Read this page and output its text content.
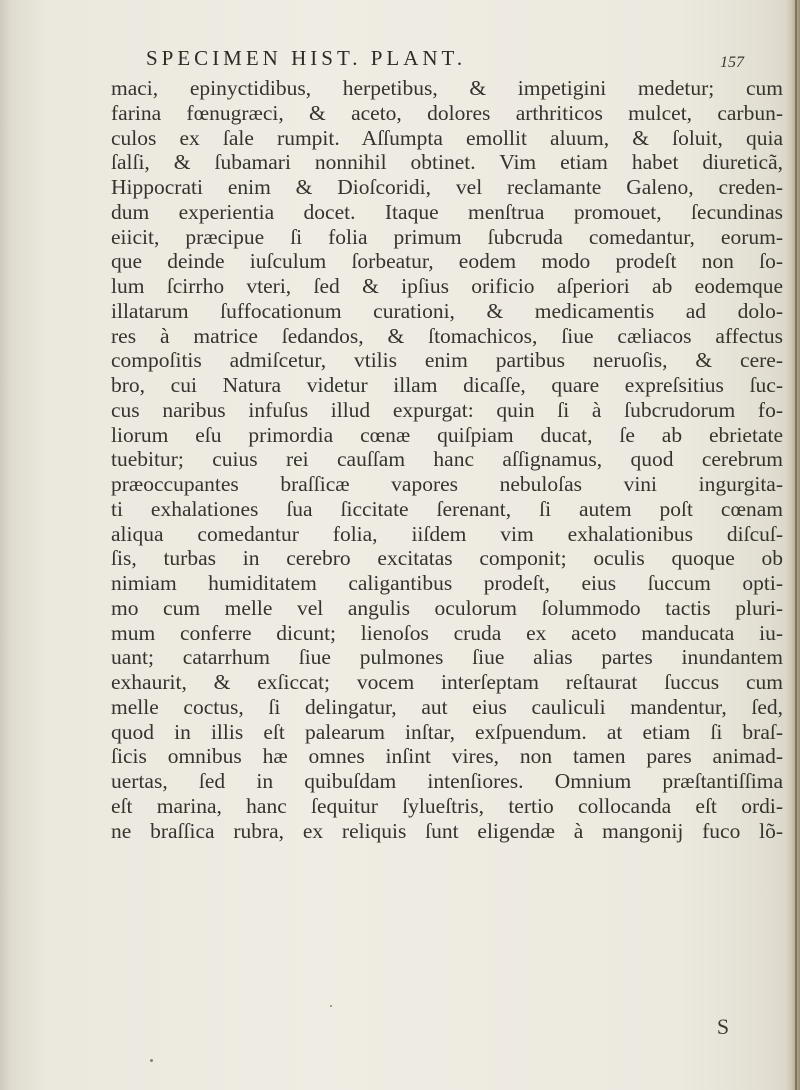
SPECIMEN HIST. PLANT.	157
maci, epinyctidibus, herpetibus, & impetigini medetur; cum
farina fœnugræci, & aceto, dolores arthriticos mulcet, carbun-
culos ex ſale rumpit. Aſſumpta emollit aluum, & ſoluit, quia
ſalſi, & ſubamari nonnihil obtinet. Vim etiam habet diureticã,
Hippocrati enim & Dioſcoridi, vel reclamante Galeno, creden-
dum experientia docet. Itaque menſtrua promouet, ſecundinas
eiicit, præcipue ſi folia primum ſubcruda comedantur, eorum-
que deinde iuſculum ſorbeatur, eodem modo prodeſt non ſo-
lum ſcirrho vteri, ſed & ipſius orificio aſperiori ab eodemque
illatarum ſuffocationum curationi, & medicamentis ad dolo-
res à matrice ſedandos, & ſtomachicos, ſiue cæliacos affectus
compoſitis admiſcetur, vtilis enim partibus neruoſis, & cere-
bro, cui Natura videtur illam dicaſſe, quare expreſsitius ſuc-
cus naribus infuſus illud expurgat: quin ſi à ſubcrudorum fo-
liorum eſu primordia cœnæ quiſpiam ducat, ſe ab ebrietate
tuebitur; cuius rei cauſſam hanc aſſignamus, quod cerebrum
præoccupantes braſſicæ vapores nebuloſas vini ingurgita-
ti exhalationes ſua ſiccitate ſerenant, ſi autem poſt cœnam
aliqua comedantur folia, iiſdem vim exhalationibus diſcuſ-
ſis, turbas in cerebro excitatas componit; oculis quoque ob
nimiam humiditatem caligantibus prodeſt, eius ſuccum opti-
mo cum melle vel angulis oculorum ſolummodo tactis pluri-
mum conferre dicunt; lienoſos cruda ex aceto manducata iu-
uant; catarrhum ſiue pulmones ſiue alias partes inundantem
exhaurit, & exſiccat; vocem interſeptam reſtaurat ſuccus cum
melle coctus, ſi delingatur, aut eius cauliculi mandentur, ſed,
quod in illis eſt palearum inſtar, exſpuendum. at etiam ſi braſ-
ſicis omnibus hæ omnes inſint vires, non tamen pares animad-
uertas, ſed in quibuſdam intenſiores. Omnium præſtantiſſima
eſt marina, hanc ſequitur ſylueſtris, tertio collocanda eſt ordi-
ne braſſica rubra, ex reliquis ſunt eligendæ à mangonij fuco lõ-
S
